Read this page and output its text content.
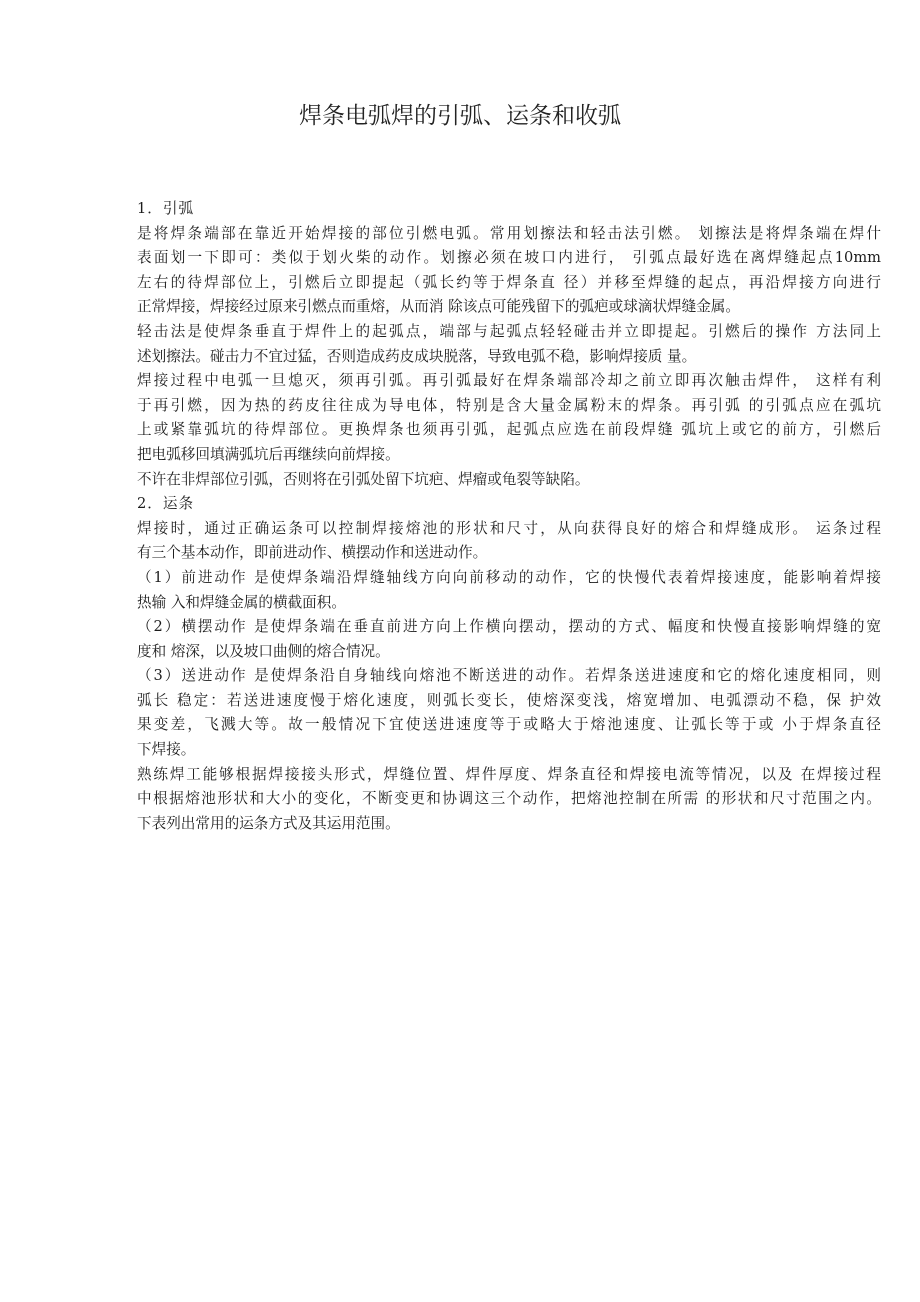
焊条电弧焊的引弧、运条和收弧
1．引弧
是将焊条端部在靠近开始焊接的部位引燃电弧。常用划擦法和轻击法引燃。 划擦法是将焊条端在焊什
表面划一下即可：类似于划火柴的动作。划擦必须在坡口内进行， 引弧点最好选在离焊缝起点10mm
左右的待焊部位上，引燃后立即提起（弧长约等于焊条直 径）并移至焊缝的起点，再沿焊接方向进行
正常焊接，焊接经过原来引燃点而重熔，从而消 除该点可能残留下的弧疤或球滴状焊缝金属。
轻击法是使焊条垂直于焊件上的起弧点，端部与起弧点轻轻碰击并立即提起。引燃后的操作 方法同上
述划擦法。碰击力不宜过猛，否则造成药皮成块脱落，导致电弧不稳，影响焊接质 量。
焊接过程中电弧一旦熄灭，须再引弧。再引弧最好在焊条端部冷却之前立即再次触击焊件， 这样有利
于再引燃，因为热的药皮往往成为导电体，特别是含大量金属粉末的焊条。再引弧 的引弧点应在弧坑
上或紧靠弧坑的待焊部位。更换焊条也须再引弧，起弧点应选在前段焊缝 弧坑上或它的前方，引燃后
把电弧移回填满弧坑后再继续向前焊接。
不许在非焊部位引弧，否则将在引弧处留下坑疤、焊瘤或龟裂等缺陷。
2．运条
焊接时，通过正确运条可以控制焊接熔池的形状和尺寸，从向获得良好的熔合和焊缝成形。 运条过程
有三个基本动作，即前进动作、横摆动作和送进动作。
（1）前进动作 是使焊条端沿焊缝轴线方向向前移动的动作，它的快慢代表着焊接速度，能影响着焊接
热输 入和焊缝金属的横截面积。
（2）横摆动作 是使焊条端在垂直前进方向上作横向摆动，摆动的方式、幅度和快慢直接影响焊缝的宽
度和 熔深，以及坡口曲侧的熔合情况。
（3）送进动作 是使焊条沿自身轴线向熔池不断送进的动作。若焊条送进速度和它的熔化速度相同，则
弧长 稳定：若送进速度慢于熔化速度，则弧长变长，使熔深变浅，熔宽增加、电弧漂动不稳，保 护效
果变差，飞溅大等。故一般情况下宜使送进速度等于或略大于熔池速度、让弧长等于或 小于焊条直径
下焊接。
熟练焊工能够根据焊接接头形式，焊缝位置、焊件厚度、焊条直径和焊接电流等情况，以及 在焊接过程
中根据熔池形状和大小的变化，不断变更和协调这三个动作，把熔池控制在所需 的形状和尺寸范围之内。
下表列出常用的运条方式及其运用范围。
